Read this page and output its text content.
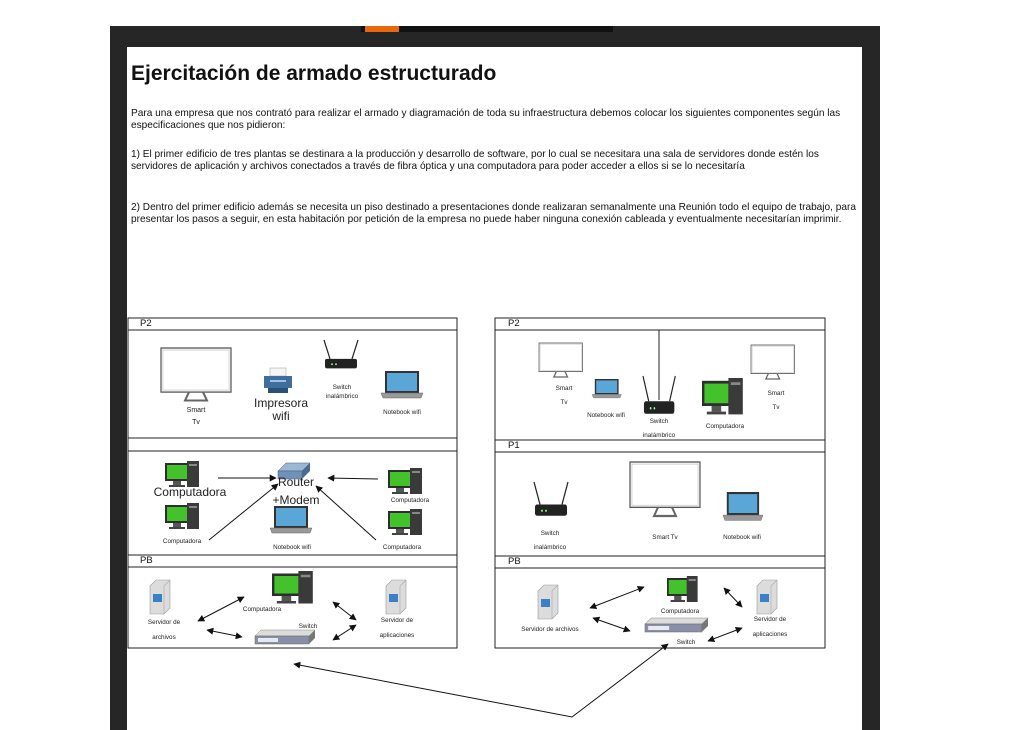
Ejercitación de armado estructurado

Para una empresa que nos contrató para realizar el armado y diagramación de toda su infraestructura debemos colocar los siguientes componentes según las especificaciones que nos pidieron:

1) El primer edificio de tres plantas se destinara a la producción y desarrollo de software, por lo cual se necesitara una sala de servidores donde estén los servidores de aplicación y archivos conectados a través de fibra óptica y una computadora para poder acceder a ellos si se lo necesitaría

2) Dentro del primer edificio además se necesita un piso destinado a presentaciones donde realizaran semanalmente una Reunión todo el equipo de trabajo, para presentar los pasos a seguir, en esta habitación por petición de la empresa no puede haber ninguna conexión cableada y eventualmente necesitarían imprimir.

P2
PB
P2
P1
PB
Smart
Tv
Impresora
wifi
Switch
inalámbrico
Notebook wifi
Computadora
Router
+Modem	Computadora
Computadora
Notebook wifi	Computadora
Servidor de
archivos
Computadora
Switch
Servidor de
aplicaciones
Smart
Tv
Notebook wifi
Switch
inalámbrico
Computadora
Smart
Tv
Switch
inalámbrico
Smart Tv	Notebook wifi
Servidor de archivos
Computadora
Switch
Servidor de
aplicaciones
